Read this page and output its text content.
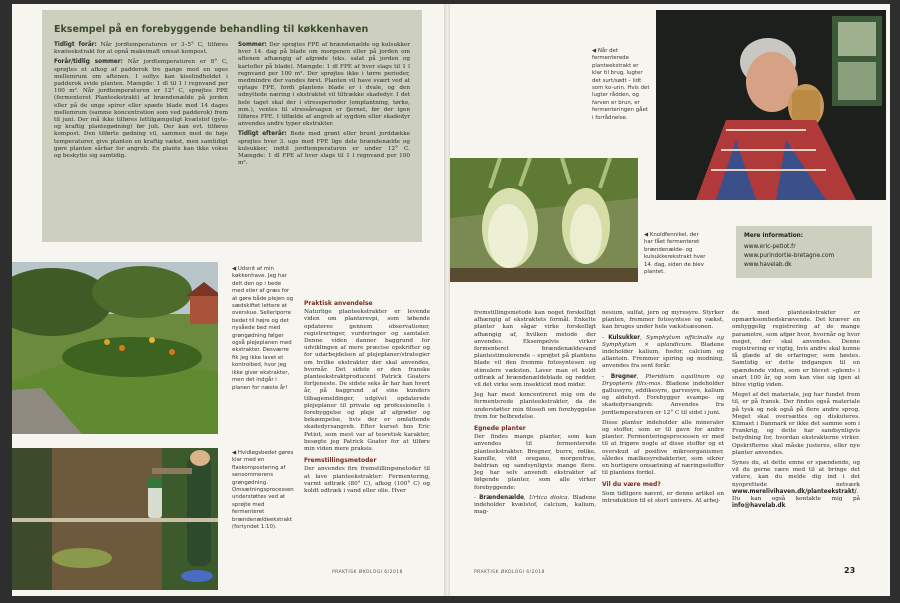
Eksempel på en forebyggende behandling til køkkenhaven

Tidligt forår: Når jordtemperaturen er 3–5° C, tilføres kvæleekstrakt for at opnå maksimalt omsat kompost.

Forår/tidlig sommer: Når jordtemperaturen er 8° C, sprøjtes et afkog af padderok tre gange med en uges mellemrum om aftenen. I sollys kan kiselindholdet i padderok svide planten. Mængde: 1 dl til 1 l regnvand per 100 m². Når jordtemperaturen er 12° C, sprøjtes FPE (fermenteret Planteekstrakt) af brændenælde på jorden eller på de unge spirer eller spæde blade med 14 dages mellemrum (samme koncentration som ved padderok) frem til juni. Der må ikke tilføres lettilgængeligt kvælstof (gyle- og kraftig plantegødning) før juli. Der kan evt. tilføres kompost. Den tilførte gødning vil, sammen med de høje temperaturer, give planten en kraftig vækst, men samtidigt gøre planten sårbar for angreb. En plante kan ikke vokse og beskytte sig samtidig.

Sommer: Der sprøjtes FPE af brændenælde og kulsukker hver 14. dag på blade om morgenen eller på jorden om aftenen afhængig af afgrøde (eks. salat på jorden og kartofler på blade). Mængde: 1 dl FPE af hver slags til 1 l regnvand per 100 m². Der sprøjtes ikke i tørre perioder, medmindre der vandes først. Planten vil have svært ved at optage FPE, fordi plantens blade er i dvale, og den udnyttede næring i ekstraktet vil tiltrække skadedyr. I det hele taget skal der i stressperioder (omplantning, tørke, mm.), ventes til stressårsagen er fjernet, før der igen tilføres FPE. I tilfælde af angreb af sygdom eller skadedyr anvendes andre typer ekstrakter.

Tidligt efterår: Bede med grønt eller brunt jorddække sprøjtes hver 3. uge med FPE lige dele brændenælde og kulsukker, indtil jordtemperaturen er under 12° C. Mængde: 1 dl FPE af hver slags til 1 l regnvand per 100 m².

◀ Udsnit af min køkkenhave. Jeg har delt den op i bede med stier af græs for at gøre både plejen og sædskiftet lettere at overskue. Selleriporre bedet til højre og det nysåede bed med grøngødning følger også plejeplanen med ekstrakter. Desværre fik jeg ikke lavet et kontrolbed, hvor jeg ikke giver ekstrakter, men det indgår i planen for næste år!
◀ Hvidløgsbedet gøres klar med en flaskompostering af sensommerens grøngødning. Omsætningsprocessen understøttes ved at sprøjte med fermenteret brændenældeekstrakt (fortyndet 1:10).
Praktisk anvendelse

Naturlige planteekstrakter er levende viden om planterevpi, som løbende opdateres gennem observationer, registreringer, vurderinger og samtaler. Denne viden danner baggrund for udviklingen af mere præcise opskrifter og for udarbejdelsen af plejeplaner/strategier om hvilke ekstrakter der skal anvendes, hvornår. Det sidste er den franske planteekstraktproducent Patrick Goaters fortjeneste. De sidste seks år har han hvert år, på baggrund af sine kunders tilbagemeldinger, udgivet opdaterede plejeplaner til private og professionelle i forebyggelse og pleje af afgrøder og bekæmpelse, hvis der er omfattende skadedyrsangreb. Efter kurset hos Eric Petiot, som mest var af teoretisk karakter, besøgte jeg Patrick Goater for at tilføre min viden mere praksis.

Fremstillingsmetoder

Der anvendes fire fremstillingsmetoder til at lave planteekstrakter: Fermentering, varmt udtræk (80° C), afkog (100° C) og koldt udtræk i vand eller olie. Hver

PRAKTISK ØKOLOGI 6/2018
◀ Når det fermenterede planteekstrakt er klar til brug, lugter det surt/sødt – lidt som ko-urin. Hvis det lugter rådden, og farven er brun, er fermenteringen gået i forrådnelse.
◀ Knoldfennikel, der har fået fermenteret brændenælde- og kulsukkerekstrakt hver 14. dag, siden de blev plantet.
Mere information:
www.eric-petiot.fr
www.purindortie-bretagne.com
www.havelab.dk

fremstillingsmetode kan noget forskelligt afhængig af ekstraktets formål. Enkelte planter kan sågar virke forskelligt afhængig af, hvilken metode der anvendes. Eksempelvis virker fermenteret brændenældevand plantestimulerende – sprøjtet på plantens blade vil den fremme fotosyntesen og stimulere væksten. Laver man et koldt udtræk af brændenældeblade og rødder, vil det virke som insekticid mod mider.

Jeg har mest koncentreret mig om de fermenterede planteekstrakter, da de understøtter min filosofi om forebyggelse frem for helbredelse.

Egnede planter

Der findes mange planter, som kan anvendes til fermenterede planteekstrakter. Bregner, burre, rølike, kamille, vild oregano, morgenfrue, baldrian og sandsynligvis mange flere. Jeg har selv anvendt ekstrakter af følgende planter, som alle virker forebyggende:

- Brændenælde, Urtica dioica. Bladene indeholder kvælstof, calcium, kalium, mag-

nesium, sulfat, jern og myresyre. Styrker planten, fremmer fotosyntese og vækst, kan bruges under hele vækstsæsonen.

- Kulsukker, Symphytum officinalis og Symphytum × uplandicum. Bladene indeholder kalium, fosfor, calcium og allantoin. Fremmer spiring og modning, anvendes fra sent forår.

- Bregner, Pteridium aquilinum og Dryopteris filix-mas. Bladene indeholder gallussyre, eddikesyre, garvesyre, kalium og aldehyd. Forebygger svampe- og skadedyrsangreb. Anvendes fra jordtemperaturen er 12° C til sidst i juni.

Disse planter indeholder alle mineraler og stoffer, som er til gavn for andre planter. Fermenteringsprocessen er med til at frigøre nogle af disse stoffer og et overskud af positive mikroorganismer, således mælkesyrebakterier, som sikrer en hurtigere omsætning af næringsstoffer til plantens fordel.

Vil du være med?

Som tidligere nævnt, er denne artikel en introduktion til et stort univers. At arbej-

de med planteekstrakter er opmærksomhedskrævende. Det kræver en omhyggelig registrering af de mange parametre, som afgør hvor, hvornår og hvor meget, der skal anvendes. Denne registrering er vigtig, hvis andre skal kunne få glæde af de erfaringer, som høstes. Samtidig er dette indgangen til en spændende viden, som er blevet »glemt« i snart 100 år, og som kan vise sig igen at blive vigtig viden.

Meget af det materiale, jeg har fundet frem til, er på fransk. Der findes også materiale på tysk og nok også på flere andre sprog. Meget skal oversættes og diskuteres. Klimaet i Danmark er ikke det samme som i Frankrig, og dette har sandsynligvis betydning for, hvordan ekstrakterne virker. Opskrifterne skal måske justeres, eller nye planter anvendes.

Synes du, at dette emne er spændende, og vil du gerne være med til at bringe det videre, kan du melde dig ind i det nyoprettede netværk www.merelivihaven.dk/planteekstrakt/. Du kan også kontakte mig på info@havelab.dk

PRAKTISK ØKOLOGI 6/2018	23
